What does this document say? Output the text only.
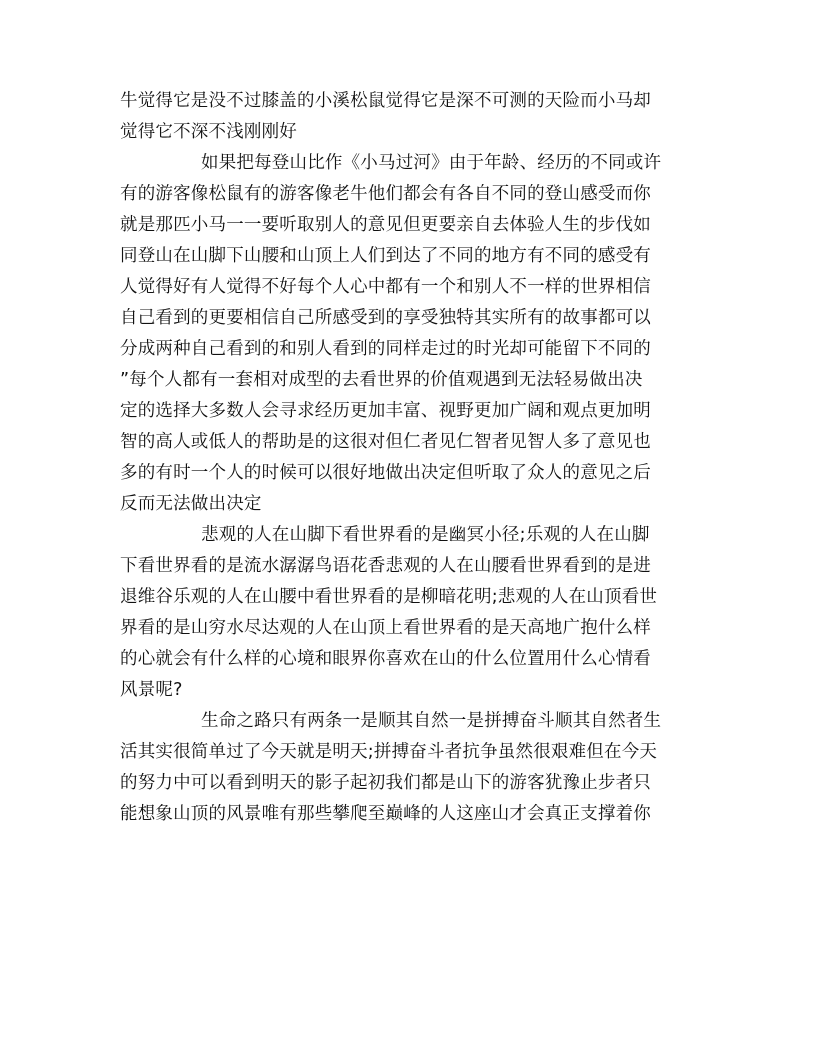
牛觉得它是没不过膝盖的小溪松鼠觉得它是深不可测的天险而小马却
觉得它不深不浅刚刚好
如果把每登山比作《小马过河》由于年龄、经历的不同或许
有的游客像松鼠有的游客像老牛他们都会有各自不同的登山感受而你
就是那匹小马一一要听取别人的意见但更要亲自去体验人生的步伐如
同登山在山脚下山腰和山顶上人们到达了不同的地方有不同的感受有
人觉得好有人觉得不好每个人心中都有一个和别人不一样的世界相信
自己看到的更要相信自己所感受到的享受独特其实所有的故事都可以
分成两种自己看到的和别人看到的同样走过的时光却可能留下不同的
”每个人都有一套相对成型的去看世界的价值观遇到无法轻易做出决
定的选择大多数人会寻求经历更加丰富、视野更加广阔和观点更加明
智的高人或低人的帮助是的这很对但仁者见仁智者见智人多了意见也
多的有时一个人的时候可以很好地做出决定但听取了众人的意见之后
反而无法做出决定
悲观的人在山脚下看世界看的是幽冥小径;乐观的人在山脚
下看世界看的是流水潺潺鸟语花香悲观的人在山腰看世界看到的是进
退维谷乐观的人在山腰中看世界看的是柳暗花明;悲观的人在山顶看世
界看的是山穷水尽达观的人在山顶上看世界看的是天高地广抱什么样
的心就会有什么样的心境和眼界你喜欢在山的什么位置用什么心情看
风景呢?
生命之路只有两条一是顺其自然一是拼搏奋斗顺其自然者生
活其实很简单过了今天就是明天;拼搏奋斗者抗争虽然很艰难但在今天
的努力中可以看到明天的影子起初我们都是山下的游客犹豫止步者只
能想象山顶的风景唯有那些攀爬至巅峰的人这座山才会真正支撑着你
